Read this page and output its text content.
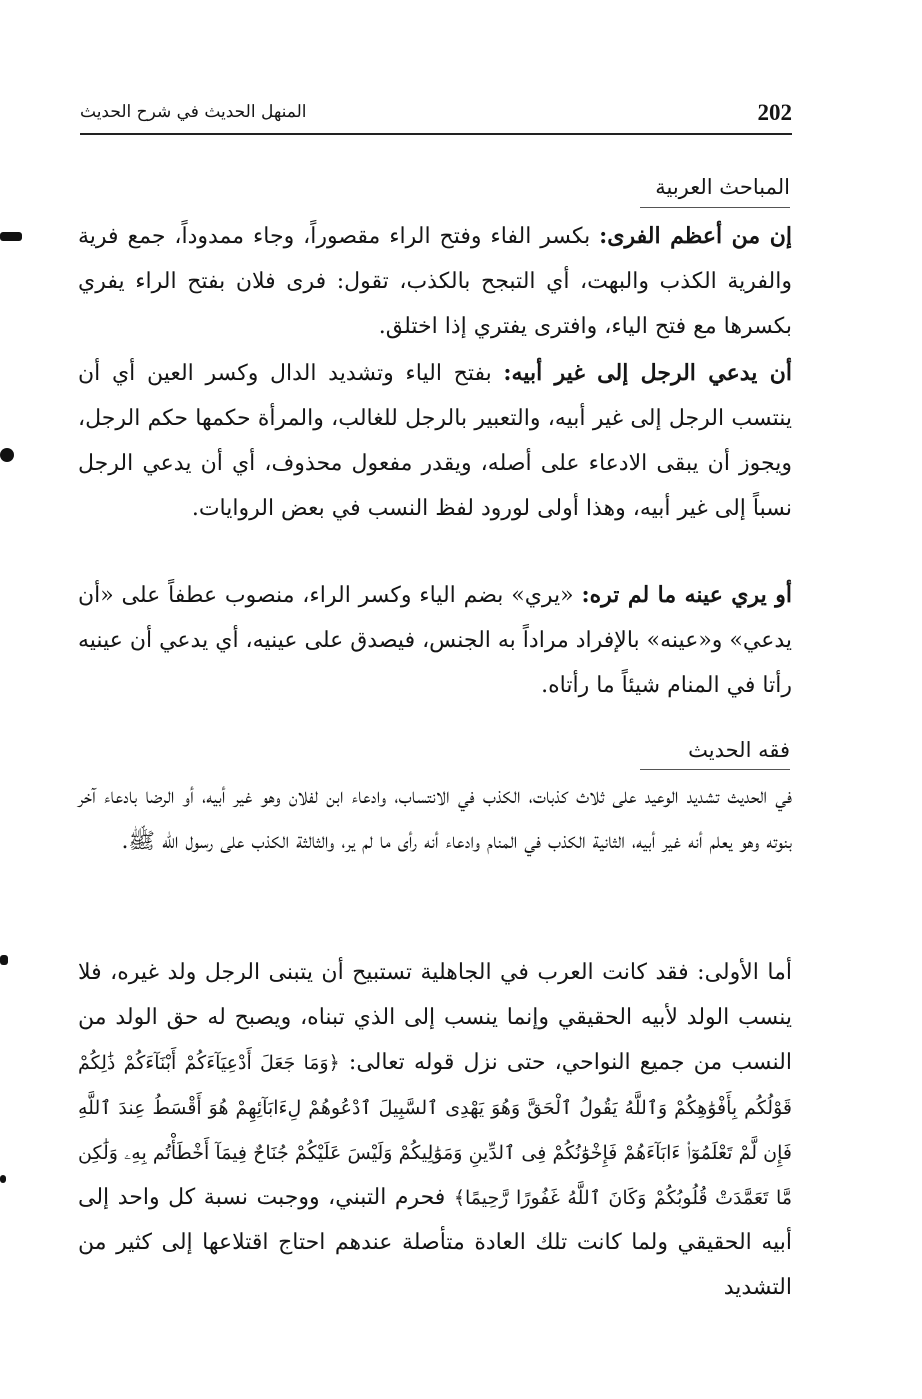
202
المنهل الحديث في شرح الحديث
المباحث العربية
إن من أعظم الفرى: بكسر الفاء وفتح الراء مقصوراً، وجاء ممدوداً، جمع فرية والفرية الكذب والبهت، أي التبجح بالكذب، تقول: فرى فلان بفتح الراء يفري بكسرها مع فتح الياء، وافترى يفتري إذا اختلق.
أن يدعي الرجل إلى غير أبيه: بفتح الياء وتشديد الدال وكسر العين أي أن ينتسب الرجل إلى غير أبيه، والتعبير بالرجل للغالب، والمرأة حكمها حكم الرجل، ويجوز أن يبقى الادعاء على أصله، ويقدر مفعول محذوف، أي أن يدعي الرجل نسباً إلى غير أبيه، وهذا أولى لورود لفظ النسب في بعض الروايات.
أو يري عينه ما لم تره: «يري» بضم الياء وكسر الراء، منصوب عطفاً على «أن يدعي» و«عينه» بالإفراد مراداً به الجنس، فيصدق على عينيه، أي يدعي أن عينيه رأتا في المنام شيئاً ما رأتاه.
فقه الحديث
في الحديث تشديد الوعيد على ثلاث كذبات، الكذب في الانتساب، وادعاء ابن لفلان وهو غير أبيه، أو الرضا بادعاء آخر بنوته وهو يعلم أنه غير أبيه، الثانية الكذب في المنام وادعاء أنه رأى ما لم ير، والثالثة الكذب على رسول الله ﷺ.
أما الأولى: فقد كانت العرب في الجاهلية تستبيح أن يتبنى الرجل ولد غيره، فلا ينسب الولد لأبيه الحقيقي وإنما ينسب إلى الذي تبناه، ويصبح له حق الولد من النسب من جميع النواحي، حتى نزل قوله تعالى: ﴿وَمَا جَعَلَ أَدْعِيَآءَكُمْ أَبْنَآءَكُمْ ذَٰلِكُمْ قَوْلُكُم بِأَفْوَٰهِكُمْ وَٱللَّهُ يَقُولُ ٱلْحَقَّ وَهُوَ يَهْدِى ٱلسَّبِيلَ ٱدْعُوهُمْ لِءَابَآئِهِمْ هُوَ أَقْسَطُ عِندَ ٱللَّهِ فَإِن لَّمْ تَعْلَمُوٓا۟ ءَابَآءَهُمْ فَإِخْوَٰنُكُمْ فِى ٱلدِّينِ وَمَوَٰلِيكُمْ وَلَيْسَ عَلَيْكُمْ جُنَاحٌ فِيمَآ أَخْطَأْتُم بِهِۦ وَلَٰكِن مَّا تَعَمَّدَتْ قُلُوبُكُمْ وَكَانَ ٱللَّهُ غَفُورًا رَّحِيمًا﴾ فحرم التبني، ووجبت نسبة كل واحد إلى أبيه الحقيقي ولما كانت تلك العادة متأصلة عندهم احتاج اقتلاعها إلى كثير من التشديد
